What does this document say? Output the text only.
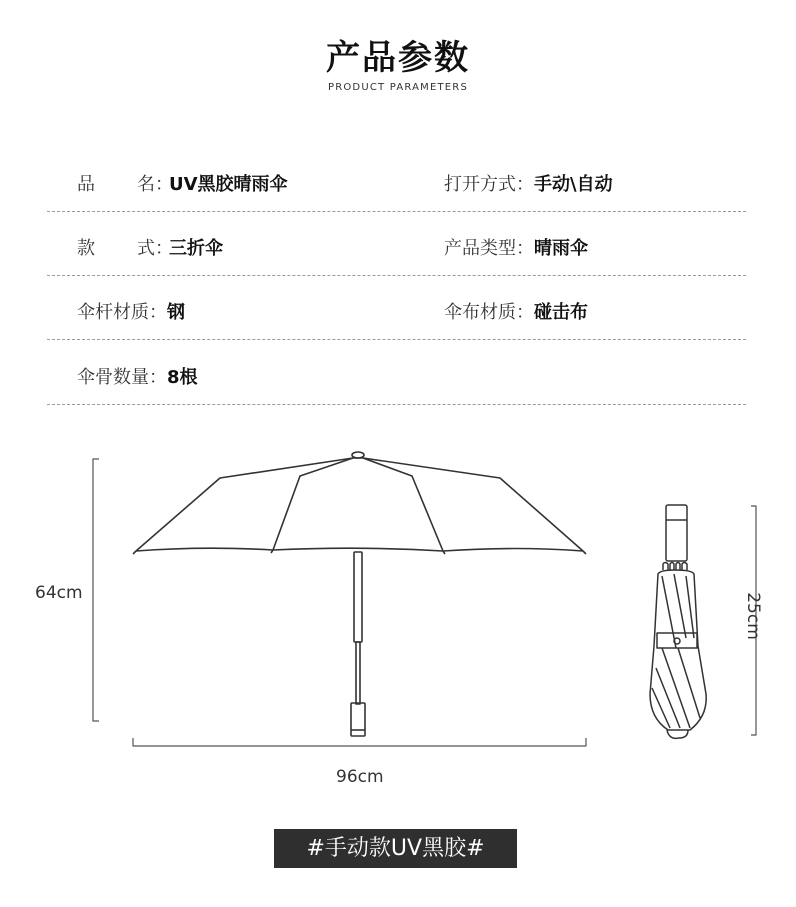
产品参数
PRODUCT PARAMETERS
品 名：UV黑胶晴雨伞	打开方式：手动\自动
款 式：三折伞	产品类型：晴雨伞
伞杆材质：钢	伞布材质：碰击布
伞骨数量：8根
64cm
96cm
25cm
#手动款UV黑胶#
